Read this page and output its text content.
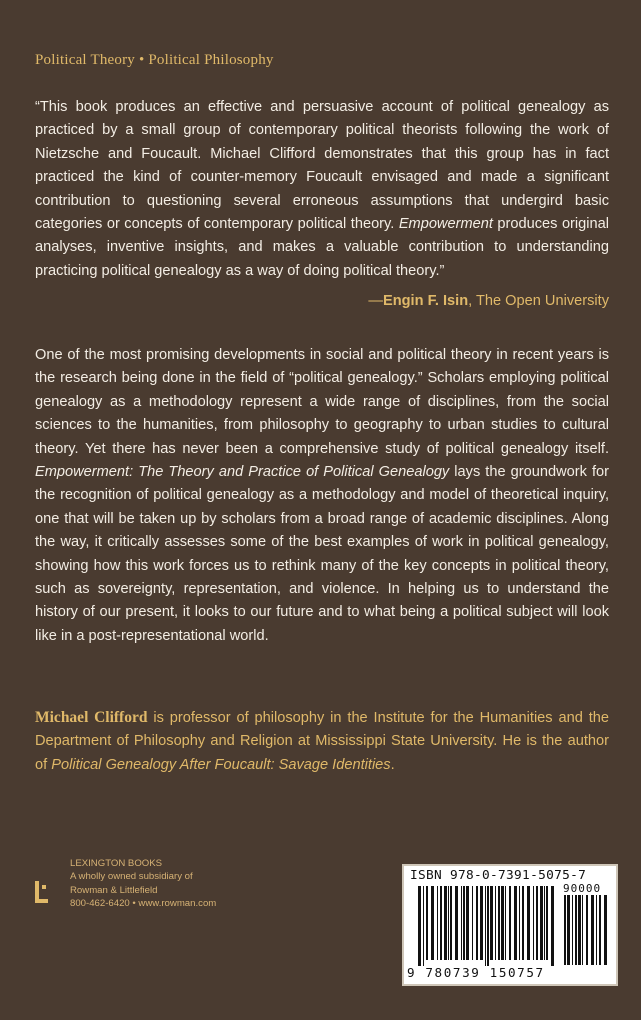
Political Theory • Political Philosophy
“This book produces an effective and persuasive account of political genealogy as practiced by a small group of contemporary political theorists following the work of Nietzsche and Foucault. Michael Clifford demonstrates that this group has in fact practiced the kind of counter-memory Foucault envisaged and made a significant contribution to questioning several erroneous assumptions that undergird basic categories or concepts of contemporary political theory. Empowerment produces original analyses, inventive insights, and makes a valuable contribution to understanding practicing political genealogy as a way of doing political theory.”
—Engin F. Isin, The Open University
One of the most promising developments in social and political theory in recent years is the research being done in the field of “political genealogy.” Scholars employing political genealogy as a methodology represent a wide range of disciplines, from the social sciences to the humanities, from philosophy to geography to urban studies to cultural theory. Yet there has never been a comprehensive study of political genealogy itself. Empowerment: The Theory and Practice of Political Genealogy lays the groundwork for the recognition of political genealogy as a methodology and model of theoretical inquiry, one that will be taken up by scholars from a broad range of academic disciplines. Along the way, it critically assesses some of the best examples of work in political genealogy, showing how this work forces us to rethink many of the key concepts in political theory, such as sovereignty, representation, and violence. In helping us to understand the history of our present, it looks to our future and to what being a political subject will look like in a post-representational world.
Michael Clifford is professor of philosophy in the Institute for the Humanities and the Department of Philosophy and Religion at Mississippi State University. He is the author of Political Genealogy After Foucault: Savage Identities.
LEXINGTON BOOKS
A wholly owned subsidiary of
Rowman & Littlefield
800-462-6420 • www.rowman.com
ISBN 978-0-7391-5075-7
90000
9 780739 150757
